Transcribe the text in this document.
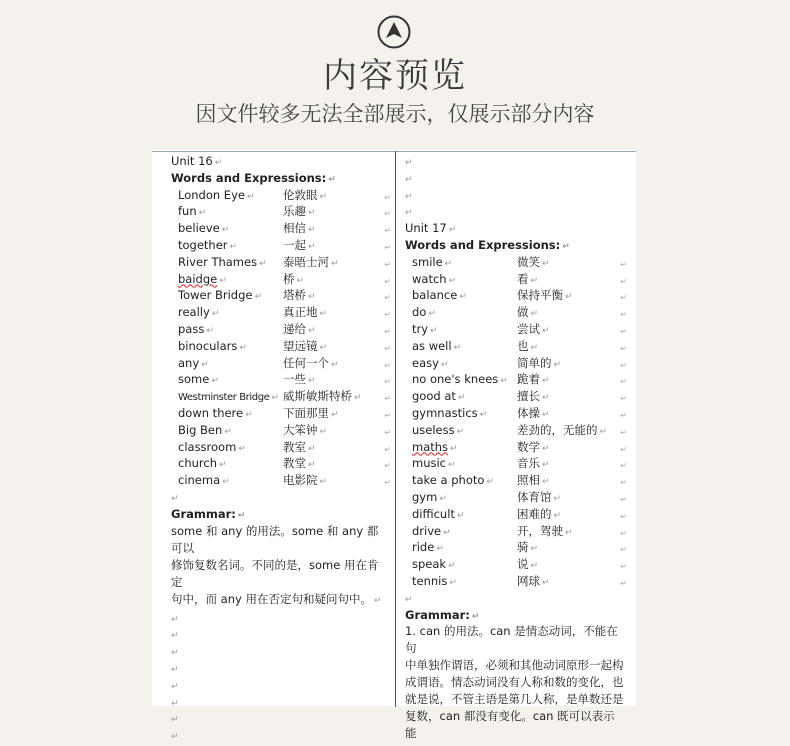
内容预览
因文件较多无法全部展示，仅展示部分内容
Unit 16 ↵
Words and Expressions: ↵
London Eye ↵ 伦敦眼 ↵	↵
fun ↵	乐趣 ↵	↵
believe ↵	相信 ↵	↵
together ↵	一起 ↵	↵
River Thames ↵ 泰晤士河 ↵	↵
baidge ↵	桥 ↵	↵
Tower Bridge ↵ 塔桥 ↵	↵
really ↵	真正地 ↵	↵
pass ↵	递给 ↵	↵
binoculars ↵	望远镜 ↵	↵
any ↵	任何一个 ↵	↵
some ↵	一些 ↵	↵
Westminster Bridge ↵ 威斯敏斯特桥 ↵	↵
down there ↵	下面那里 ↵	↵
Big Ben ↵	大笨钟 ↵	↵
classroom ↵	教室 ↵	↵
church ↵	教堂 ↵	↵
cinema ↵	电影院 ↵	↵
↵
Grammar: ↵
some 和 any 的用法。some 和 any 都可以
修饰复数名词。不同的是，some 用在肯定
句中，而 any 用在否定句和疑问句中。 ↵
↵
↵
↵
↵
↵
↵
↵
↵
↵
↵
↵
↵
Unit 17 ↵
Words and Expressions: ↵
smile ↵	微笑 ↵	↵
watch ↵	看 ↵	↵
balance ↵	保持平衡 ↵	↵
do ↵	做 ↵	↵
try ↵	尝试 ↵	↵
as well ↵	也 ↵	↵
easy ↵	简单的 ↵	↵
no one's knees ↵ 跪着 ↵	↵
good at ↵	擅长 ↵	↵
gymnastics ↵	体操 ↵	↵
useless ↵	差劲的，无能的 ↵ ↵
maths ↵	数学 ↵	↵
music ↵	音乐 ↵	↵
take a photo ↵ 照相 ↵	↵
gym ↵	体育馆 ↵	↵
difficult ↵	困难的 ↵	↵
drive ↵	开，驾驶 ↵	↵
ride ↵	骑 ↵	↵
speak ↵	说 ↵	↵
tennis ↵	网球 ↵	↵
↵
Grammar: ↵
1. can 的用法。can 是情态动词，不能在句
中单独作谓语，必须和其他动词原形一起构
成谓语。情态动词没有人称和数的变化，也
就是说，不管主语是第几人称，是单数还是
复数，can 都没有变化。can 既可以表示能
